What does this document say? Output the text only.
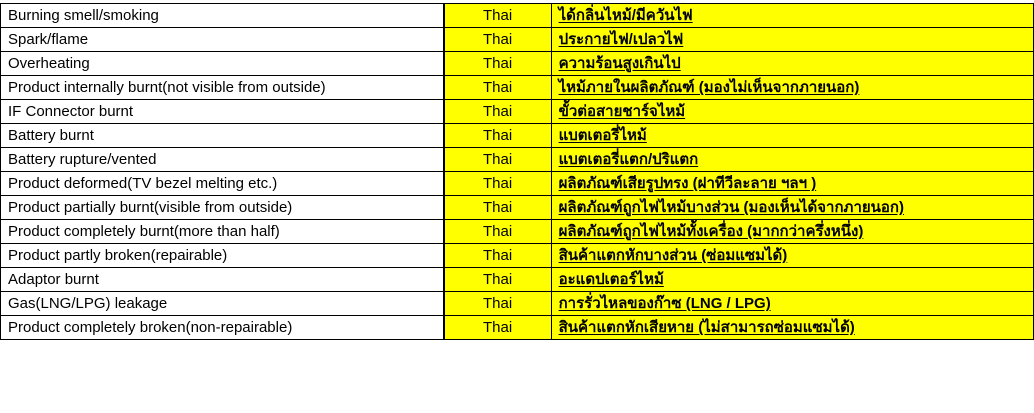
Burning smell/smoking	Thai	ได้กลิ่นไหม้/มีควันไฟ
Spark/flame	Thai	ประกายไฟ/เปลวไฟ
Overheating	Thai	ความร้อนสูงเกินไป
Product internally burnt(not visible from outside)	Thai	ไหม้ภายในผลิตภัณฑ์ (มองไม่เห็นจากภายนอก)
IF Connector burnt	Thai	ขั้วต่อสายชาร์จไหม้
Battery burnt	Thai	แบตเตอรี่ไหม้
Battery rupture/vented	Thai	แบตเตอรี่แตก/ปริแตก
Product deformed(TV bezel melting etc.)	Thai	ผลิตภัณฑ์เสียรูปทรง (ฝาทีวีละลาย ฯลฯ )
Product partially burnt(visible from outside)	Thai	ผลิตภัณฑ์ถูกไฟไหม้บางส่วน (มองเห็นได้จากภายนอก)
Product completely burnt(more than half)	Thai	ผลิตภัณฑ์ถูกไฟไหม้ทั้งเครื่อง (มากกว่าครึ่งหนึ่ง)
Product partly broken(repairable)	Thai	สินค้าแตกหักบางส่วน (ซ่อมแซมได้)
Adaptor burnt	Thai	อะแดปเตอร์ไหม้
Gas(LNG/LPG) leakage	Thai	การรั่วไหลของก๊าซ (LNG / LPG)
Product completely broken(non-repairable)	Thai	สินค้าแตกหักเสียหาย (ไม่สามารถซ่อมแซมได้)
